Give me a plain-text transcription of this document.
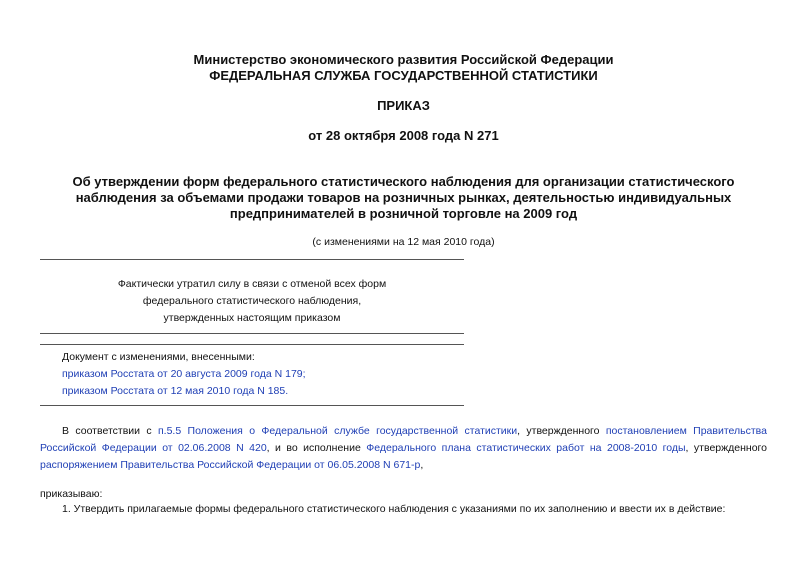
Министерство экономического развития Российской Федерации
ФЕДЕРАЛЬНАЯ СЛУЖБА ГОСУДАРСТВЕННОЙ СТАТИСТИКИ
ПРИКАЗ
от 28 октября 2008 года N 271
Об утверждении форм федерального статистического наблюдения для организации статистического
наблюдения за объемами продажи товаров на розничных рынках, деятельностью индивидуальных
предпринимателей в розничной торговле на 2009 год
(с изменениями на 12 мая 2010 года)
Фактически утратил силу в связи с отменой всех форм
федерального статистического наблюдения,
утвержденных настоящим приказом
Документ с изменениями, внесенными:
приказом Росстата от 20 августа 2009 года N 179;
приказом Росстата от 12 мая 2010 года N 185.
В соответствии с п.5.5 Положения о Федеральной службе государственной статистики, утвержденного постановлением Правительства Российской Федерации от 02.06.2008 N 420, и во исполнение Федерального плана статистических работ на 2008-2010 годы, утвержденного распоряжением Правительства Российской Федерации от 06.05.2008 N 671-р,
приказываю:
1. Утвердить прилагаемые формы федерального статистического наблюдения с указаниями по их заполнению и ввести их в действие:
